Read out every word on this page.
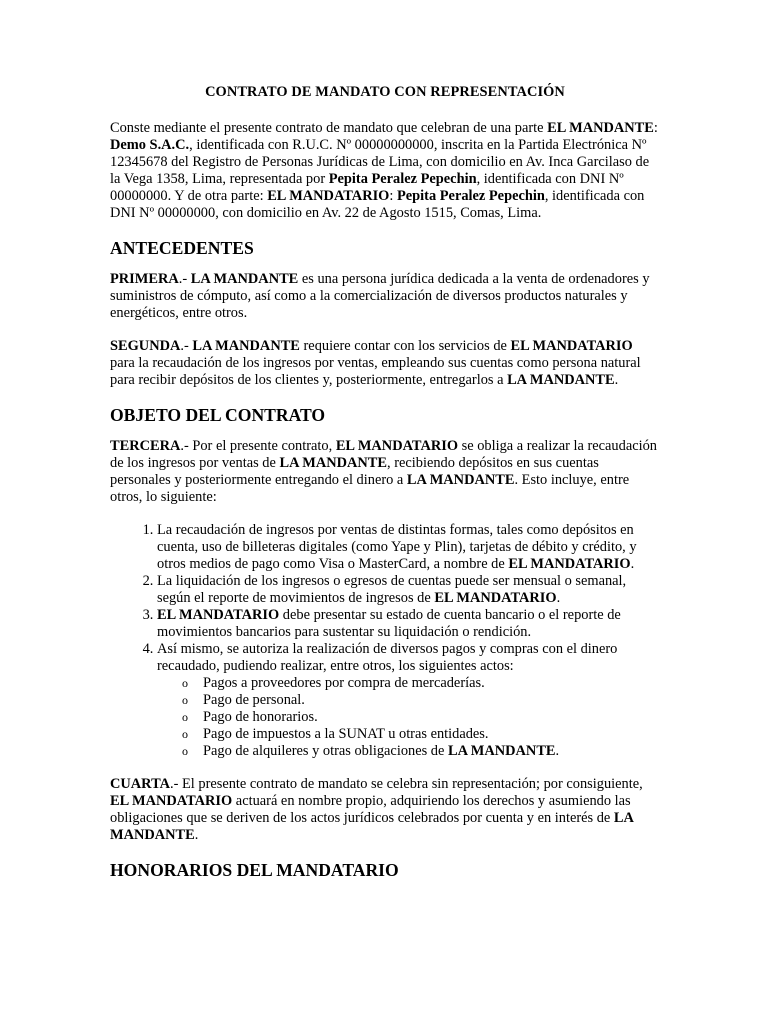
CONTRATO DE MANDATO CON REPRESENTACIÓN

Conste mediante el presente contrato de mandato que celebran de una parte EL MANDANTE: Demo S.A.C., identificada con R.U.C. Nº 00000000000, inscrita en la Partida Electrónica Nº 12345678 del Registro de Personas Jurídicas de Lima, con domicilio en Av. Inca Garcilaso de la Vega 1358, Lima, representada por Pepita Peralez Pepechin, identificada con DNI Nº 00000000. Y de otra parte: EL MANDATARIO: Pepita Peralez Pepechin, identificada con DNI Nº 00000000, con domicilio en Av. 22 de Agosto 1515, Comas, Lima.

ANTECEDENTES

PRIMERA.- LA MANDANTE es una persona jurídica dedicada a la venta de ordenadores y suministros de cómputo, así como a la comercialización de diversos productos naturales y energéticos, entre otros.

SEGUNDA.- LA MANDANTE requiere contar con los servicios de EL MANDATARIO para la recaudación de los ingresos por ventas, empleando sus cuentas como persona natural para recibir depósitos de los clientes y, posteriormente, entregarlos a LA MANDANTE.

OBJETO DEL CONTRATO

TERCERA.- Por el presente contrato, EL MANDATARIO se obliga a realizar la recaudación de los ingresos por ventas de LA MANDANTE, recibiendo depósitos en sus cuentas personales y posteriormente entregando el dinero a LA MANDANTE. Esto incluye, entre otros, lo siguiente:

1. La recaudación de ingresos por ventas de distintas formas, tales como depósitos en cuenta, uso de billeteras digitales (como Yape y Plin), tarjetas de débito y crédito, y otros medios de pago como Visa o MasterCard, a nombre de EL MANDATARIO.
2. La liquidación de los ingresos o egresos de cuentas puede ser mensual o semanal, según el reporte de movimientos de ingresos de EL MANDATARIO.
3. EL MANDATARIO debe presentar su estado de cuenta bancario o el reporte de movimientos bancarios para sustentar su liquidación o rendición.
4. Así mismo, se autoriza la realización de diversos pagos y compras con el dinero recaudado, pudiendo realizar, entre otros, los siguientes actos:
o Pagos a proveedores por compra de mercaderías.
o Pago de personal.
o Pago de honorarios.
o Pago de impuestos a la SUNAT u otras entidades.
o Pago de alquileres y otras obligaciones de LA MANDANTE.

CUARTA.- El presente contrato de mandato se celebra sin representación; por consiguiente, EL MANDATARIO actuará en nombre propio, adquiriendo los derechos y asumiendo las obligaciones que se deriven de los actos jurídicos celebrados por cuenta y en interés de LA MANDANTE.

HONORARIOS DEL MANDATARIO
